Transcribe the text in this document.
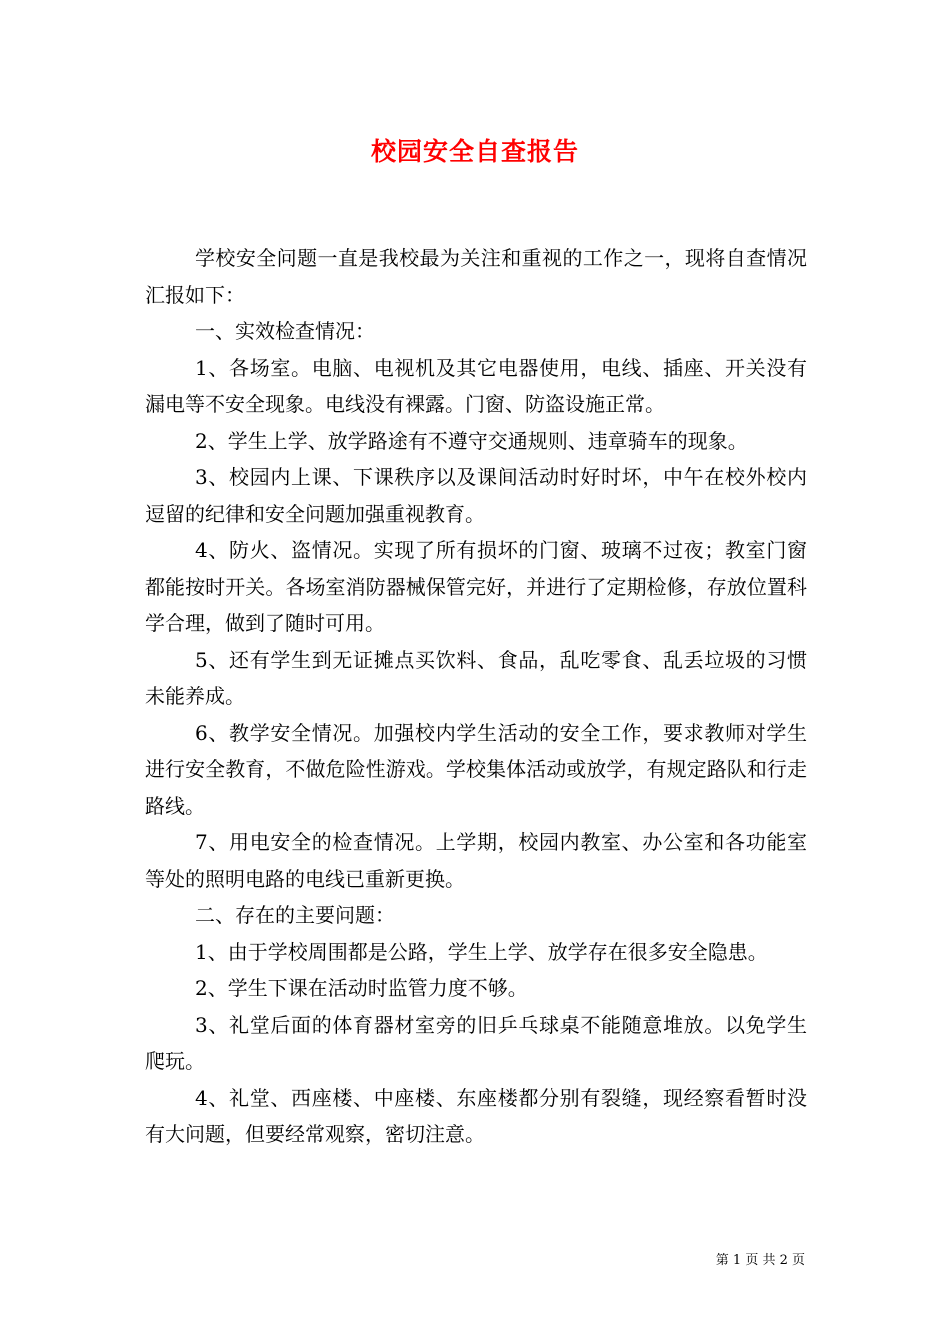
校园安全自查报告

学校安全问题一直是我校最为关注和重视的工作之一，现将自查情况汇报如下：

一、实效检查情况：

1、各场室。电脑、电视机及其它电器使用，电线、插座、开关没有漏电等不安全现象。电线没有裸露。门窗、防盗设施正常。

2、学生上学、放学路途有不遵守交通规则、违章骑车的现象。

3、校园内上课、下课秩序以及课间活动时好时坏，中午在校外校内逗留的纪律和安全问题加强重视教育。

4、防火、盗情况。实现了所有损坏的门窗、玻璃不过夜；教室门窗都能按时开关。各场室消防器械保管完好，并进行了定期检修，存放位置科学合理，做到了随时可用。

5、还有学生到无证摊点买饮料、食品，乱吃零食、乱丢垃圾的习惯未能养成。

6、教学安全情况。加强校内学生活动的安全工作，要求教师对学生进行安全教育，不做危险性游戏。学校集体活动或放学，有规定路队和行走路线。

7、用电安全的检查情况。上学期，校园内教室、办公室和各功能室等处的照明电路的电线已重新更换。

二、存在的主要问题：

1、由于学校周围都是公路，学生上学、放学存在很多安全隐患。

2、学生下课在活动时监管力度不够。

3、礼堂后面的体育器材室旁的旧乒乓球桌不能随意堆放。以免学生爬玩。

4、礼堂、西座楼、中座楼、东座楼都分别有裂缝，现经察看暂时没有大问题，但要经常观察，密切注意。

第 1 页 共 2 页
